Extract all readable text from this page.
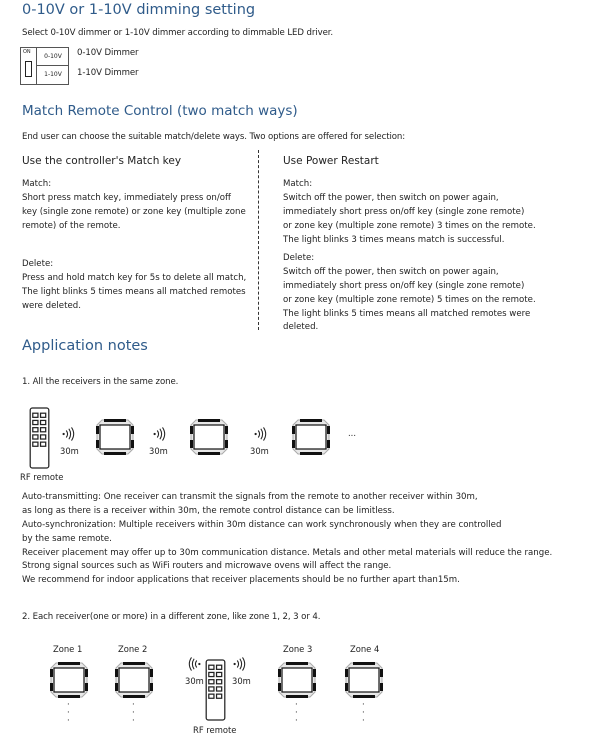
0-10V or 1-10V dimming setting
Select 0-10V dimmer or 1-10V dimmer according to dimmable LED driver.
ON
0-10V
1-10V
0-10V Dimmer
1-10V Dimmer
Match Remote Control (two match ways)
End user can choose the suitable match/delete ways. Two options are offered for selection:
Use the controller's Match key	Use Power Restart
Match:
Short press match key, immediately press on/off
key (single zone remote) or zone key (multiple zone
remote) of the remote.
Delete:
Press and hold match key for 5s to delete all match,
The light blinks 5 times means all matched remotes
were deleted.
Match:
Switch off the power, then switch on power again,
immediately short press on/off key (single zone remote)
or zone key (multiple zone remote) 3 times on the remote.
The light blinks 3 times means match is successful.
Delete:
Switch off the power, then switch on power again,
immediately short press on/off key (single zone remote)
or zone key (multiple zone remote) 5 times on the remote.
The light blinks 5 times means all matched remotes were
deleted.
Application notes
1. All the receivers in the same zone.
RF remote
30m	30m	30m
...
Auto-transmitting: One receiver can transmit the signals from the remote to another receiver within 30m,
as long as there is a receiver within 30m, the remote control distance can be limitless.
Auto-synchronization: Multiple receivers within 30m distance can work synchronously when they are controlled
by the same remote.
Receiver placement may offer up to 30m communication distance. Metals and other metal materials will reduce the range.
Strong signal sources such as WiFi routers and microwave ovens will affect the range.
We recommend for indoor applications that receiver placements should be no further apart than15m.
2. Each receiver(one or more) in a different zone, like zone 1, 2, 3 or 4.
Zone 1
·
·
·
Zone 2
·
·
·
30m	30m
RF remote
Zone 3
·
·
·
Zone 4
·
·
·
